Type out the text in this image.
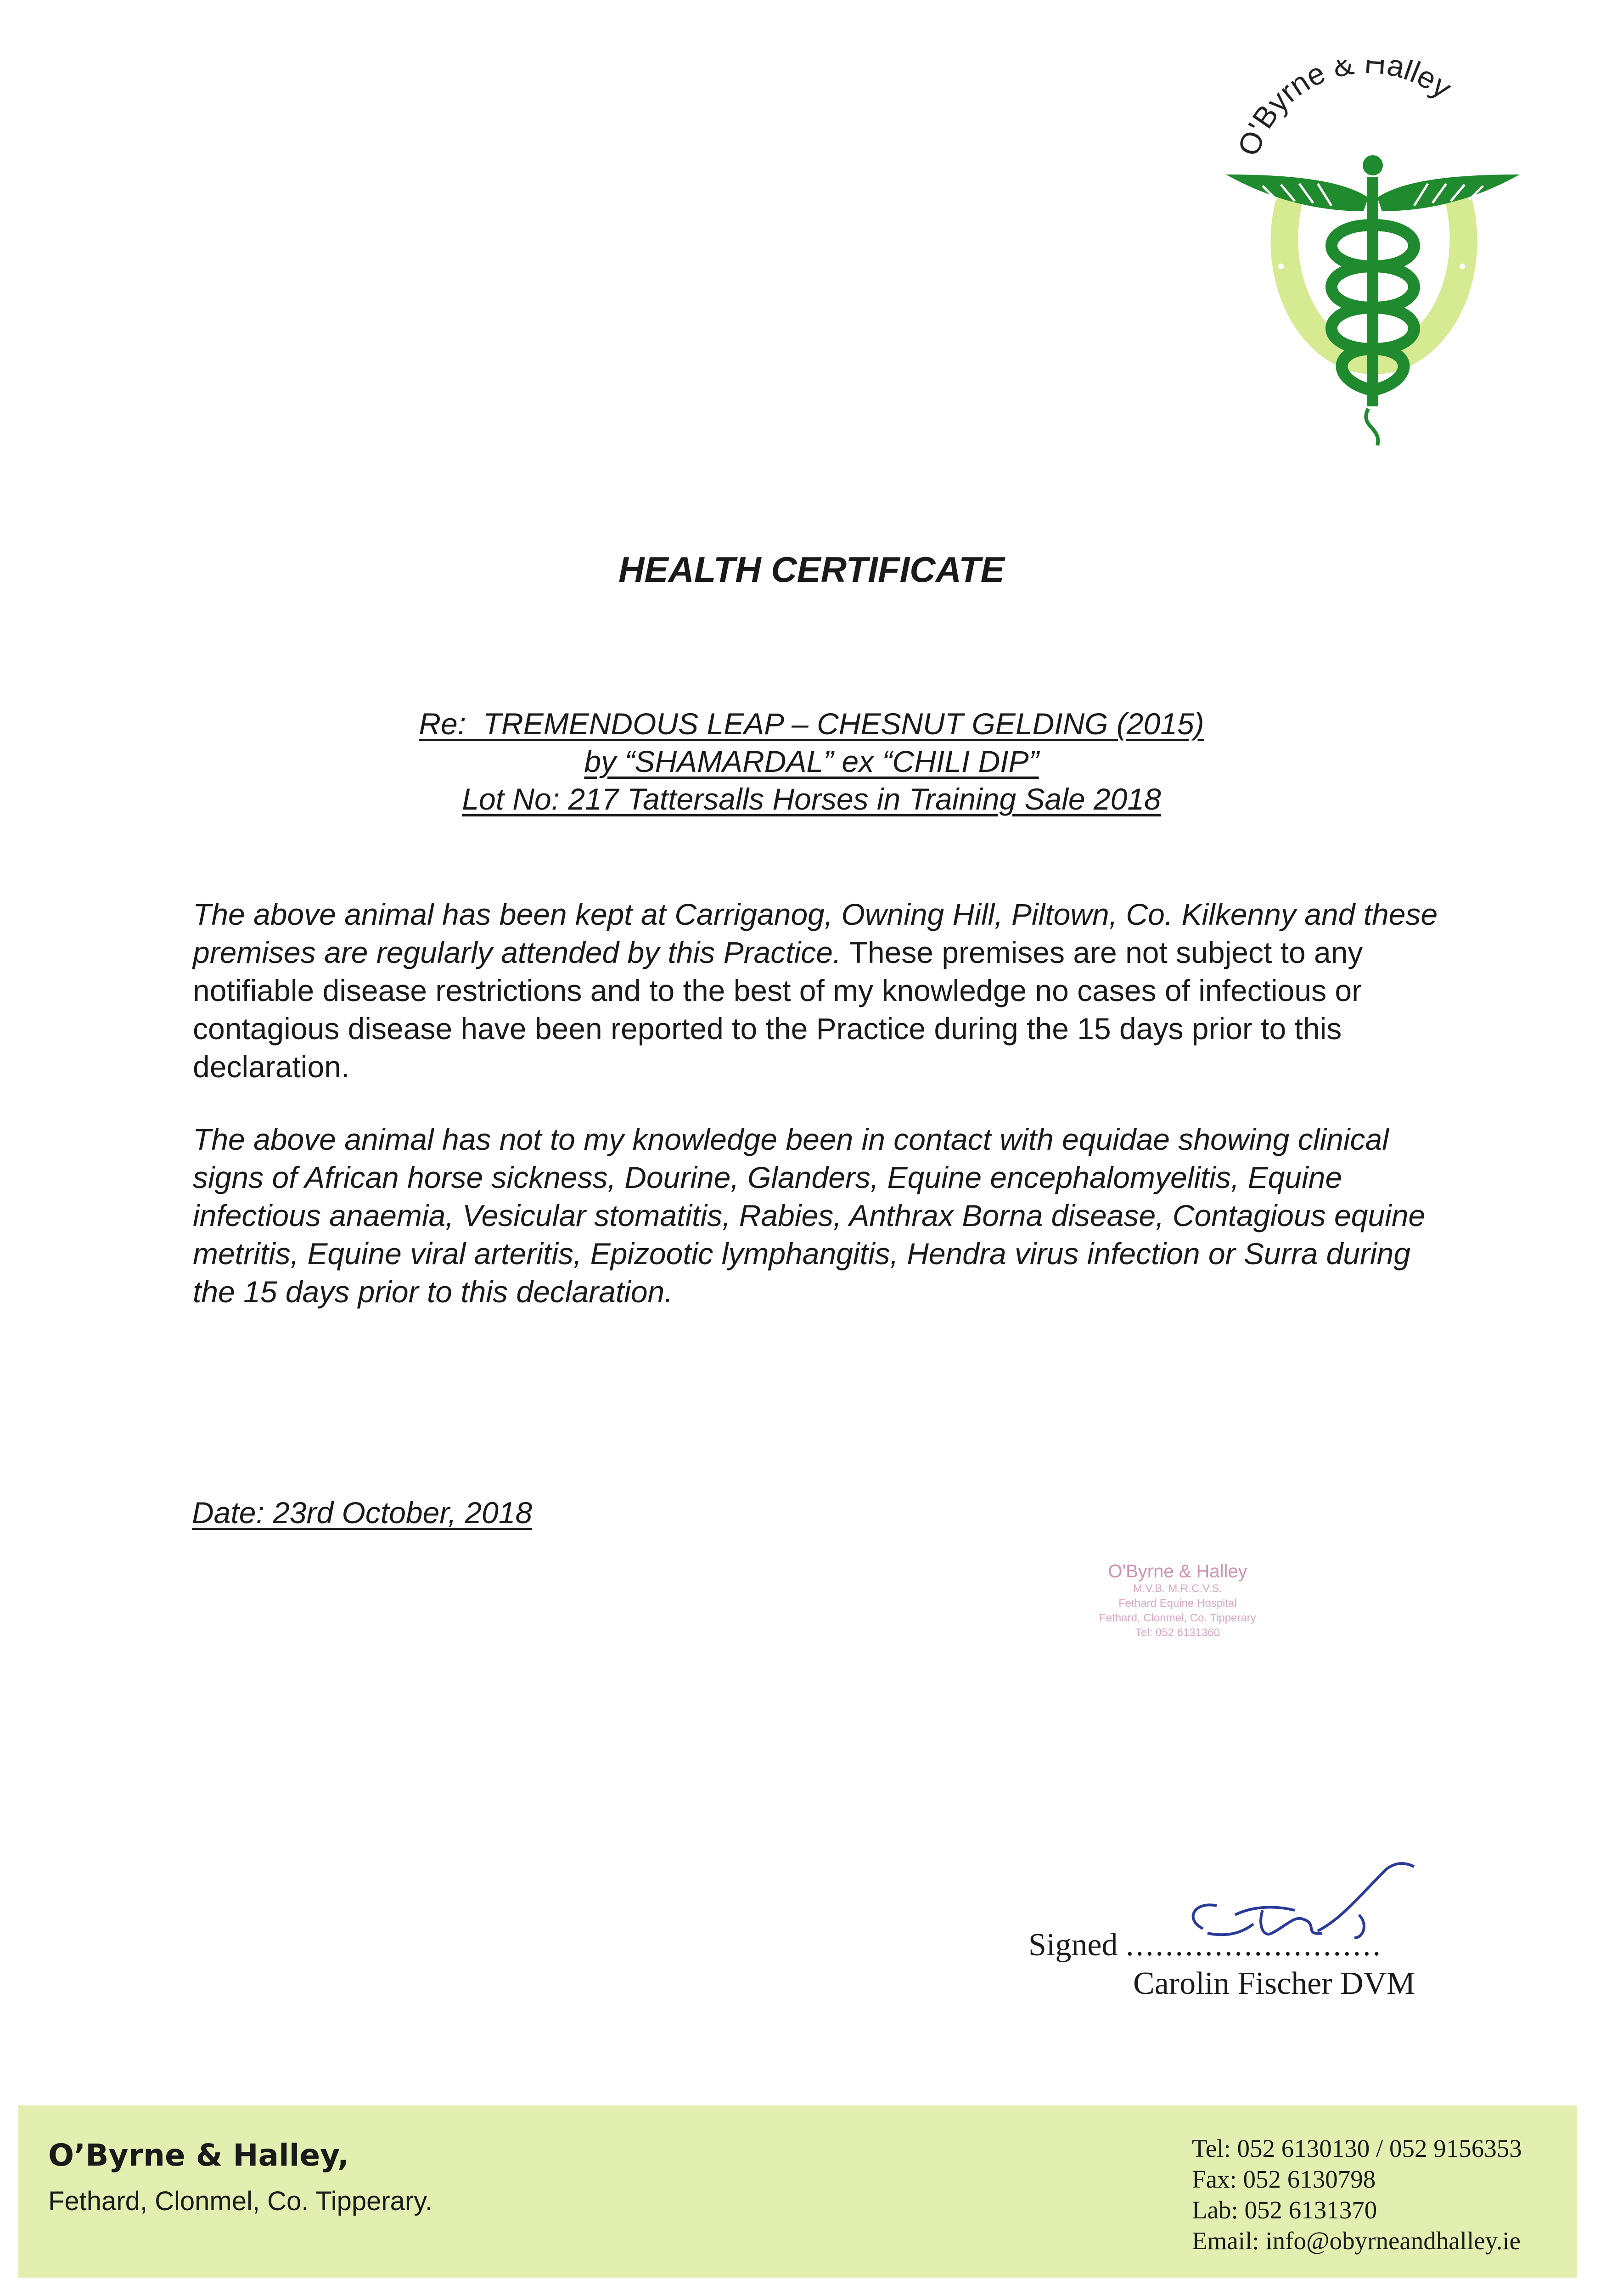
O'Byrne & Halley
HEALTH CERTIFICATE
Re: TREMENDOUS LEAP – CHESNUT GELDING (2015)
by “SHAMARDAL” ex “CHILI DIP”
Lot No: 217 Tattersalls Horses in Training Sale 2018

The above animal has been kept at Carriganog, Owning Hill, Piltown, Co. Kilkenny and these premises are regularly attended by this Practice. These premises are not subject to any notifiable disease restrictions and to the best of my knowledge no cases of infectious or contagious disease have been reported to the Practice during the 15 days prior to this declaration.

The above animal has not to my knowledge been in contact with equidae showing clinical signs of African horse sickness, Dourine, Glanders, Equine encephalomyelitis, Equine infectious anaemia, Vesicular stomatitis, Rabies, Anthrax Borna disease, Contagious equine metritis, Equine viral arteritis, Epizootic lymphangitis, Hendra virus infection or Surra during the 15 days prior to this declaration.

Date: 23rd October, 2018
O'Byrne & Halley
M.V.B. M.R.C.V.S.
Fethard Equine Hospital
Fethard, Clonmel, Co. Tipperary
Tel: 052 6131360
Signed ..........................
Carolin Fischer DVM
O’Byrne & Halley,
Fethard, Clonmel, Co. Tipperary.
Tel: 052 6130130 / 052 9156353
Fax: 052 6130798
Lab: 052 6131370
Email: info@obyrneandhalley.ie
